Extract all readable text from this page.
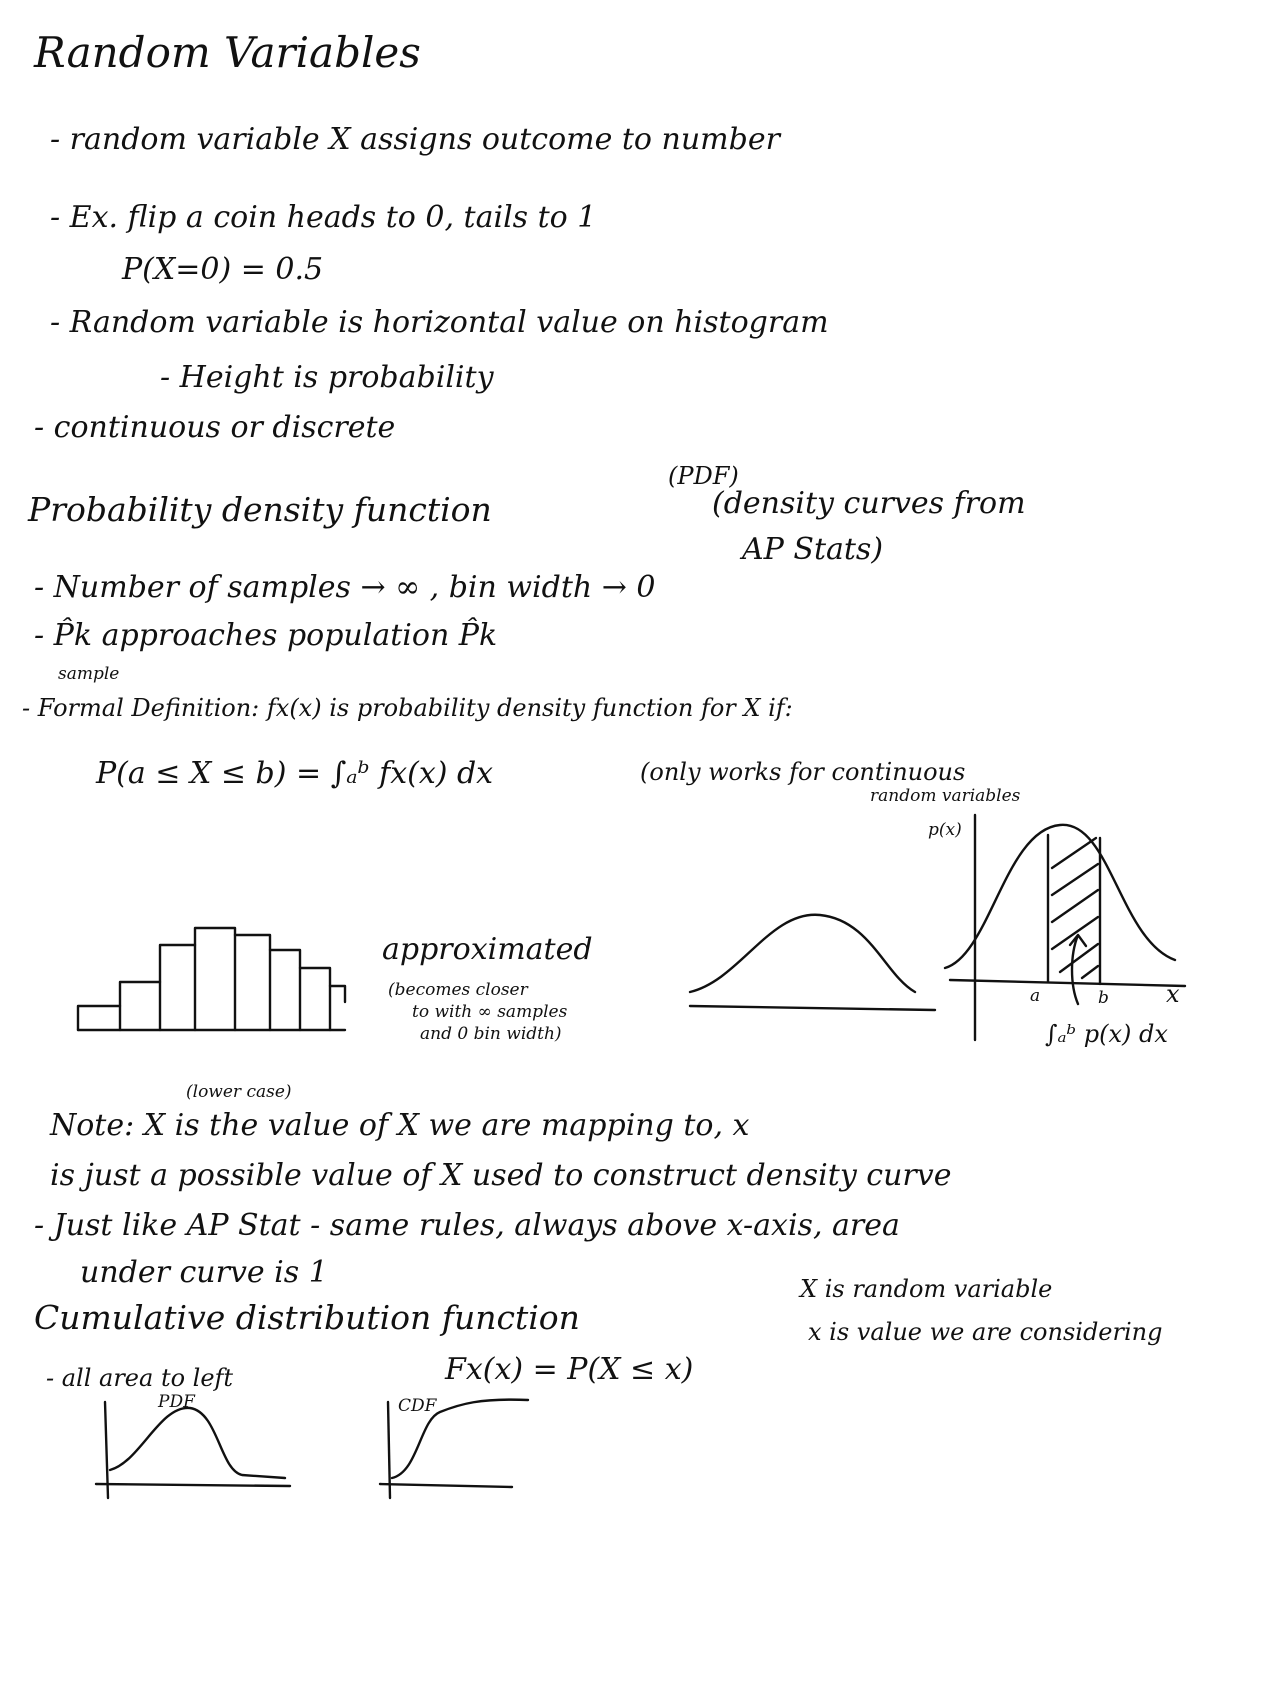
Random Variables
- random variable X assigns outcome to number
- Ex. flip a coin heads to 0, tails to 1
P(X=0) = 0.5
- Random variable is horizontal value on histogram
- Height is probability
- continuous or discrete
(PDF)
Probability density function	(density curves from
AP Stats)
- Number of samples → ∞ , bin width → 0
- P̂k approaches population P̂k
sample
- Formal Definition: fx(x) is probability density function for X if:
P(a ≤ X ≤ b) = ∫ₐᵇ fx(x) dx	(only works for continuous
random variables
approximated
(becomes closer
to with ∞ samples
and 0 bin width)
p(x)
a	b x
∫ₐᵇ p(x) dx
(lower case)
Note: X is the value of X we are mapping to, x
is just a possible value of X used to construct density curve
- Just like AP Stat - same rules, always above x-axis, area
under curve is 1	X is random variable
x is value we are considering
Cumulative distribution function
- all area to left	Fx(x) = P(X ≤ x)
PDF	CDF
